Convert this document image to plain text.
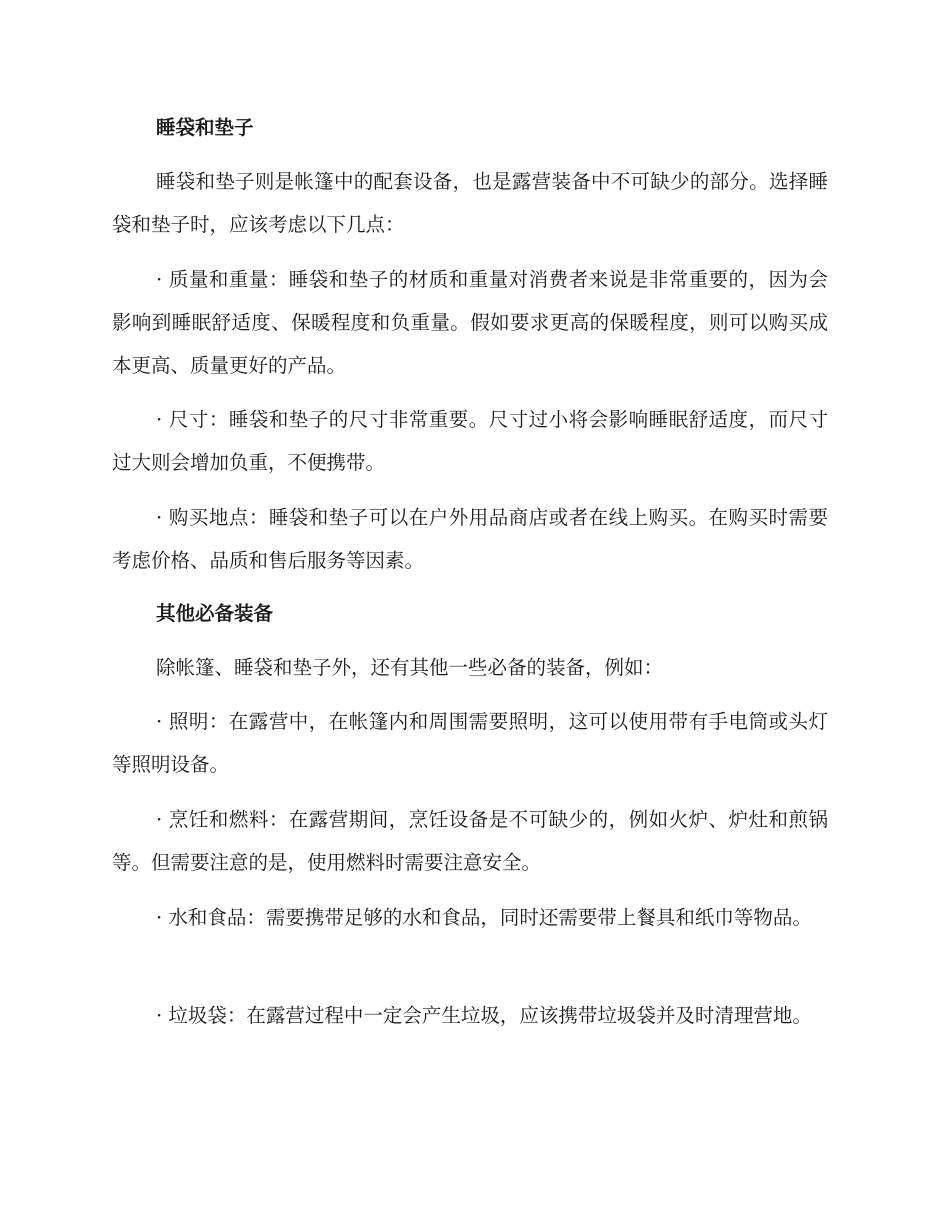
睡袋和垫子

睡袋和垫子则是帐篷中的配套设备，也是露营装备中不可缺少的部分。选择睡袋和垫子时，应该考虑以下几点：

· 质量和重量：睡袋和垫子的材质和重量对消费者来说是非常重要的，因为会影响到睡眠舒适度、保暖程度和负重量。假如要求更高的保暖程度，则可以购买成本更高、质量更好的产品。

· 尺寸：睡袋和垫子的尺寸非常重要。尺寸过小将会影响睡眠舒适度，而尺寸过大则会增加负重，不便携带。

· 购买地点：睡袋和垫子可以在户外用品商店或者在线上购买。在购买时需要考虑价格、品质和售后服务等因素。

其他必备装备

除帐篷、睡袋和垫子外，还有其他一些必备的装备，例如：

· 照明：在露营中，在帐篷内和周围需要照明，这可以使用带有手电筒或头灯等照明设备。

· 烹饪和燃料：在露营期间，烹饪设备是不可缺少的，例如火炉、炉灶和煎锅等。但需要注意的是，使用燃料时需要注意安全。

· 水和食品：需要携带足够的水和食品，同时还需要带上餐具和纸巾等物品。

· 垃圾袋：在露营过程中一定会产生垃圾，应该携带垃圾袋并及时清理营地。
